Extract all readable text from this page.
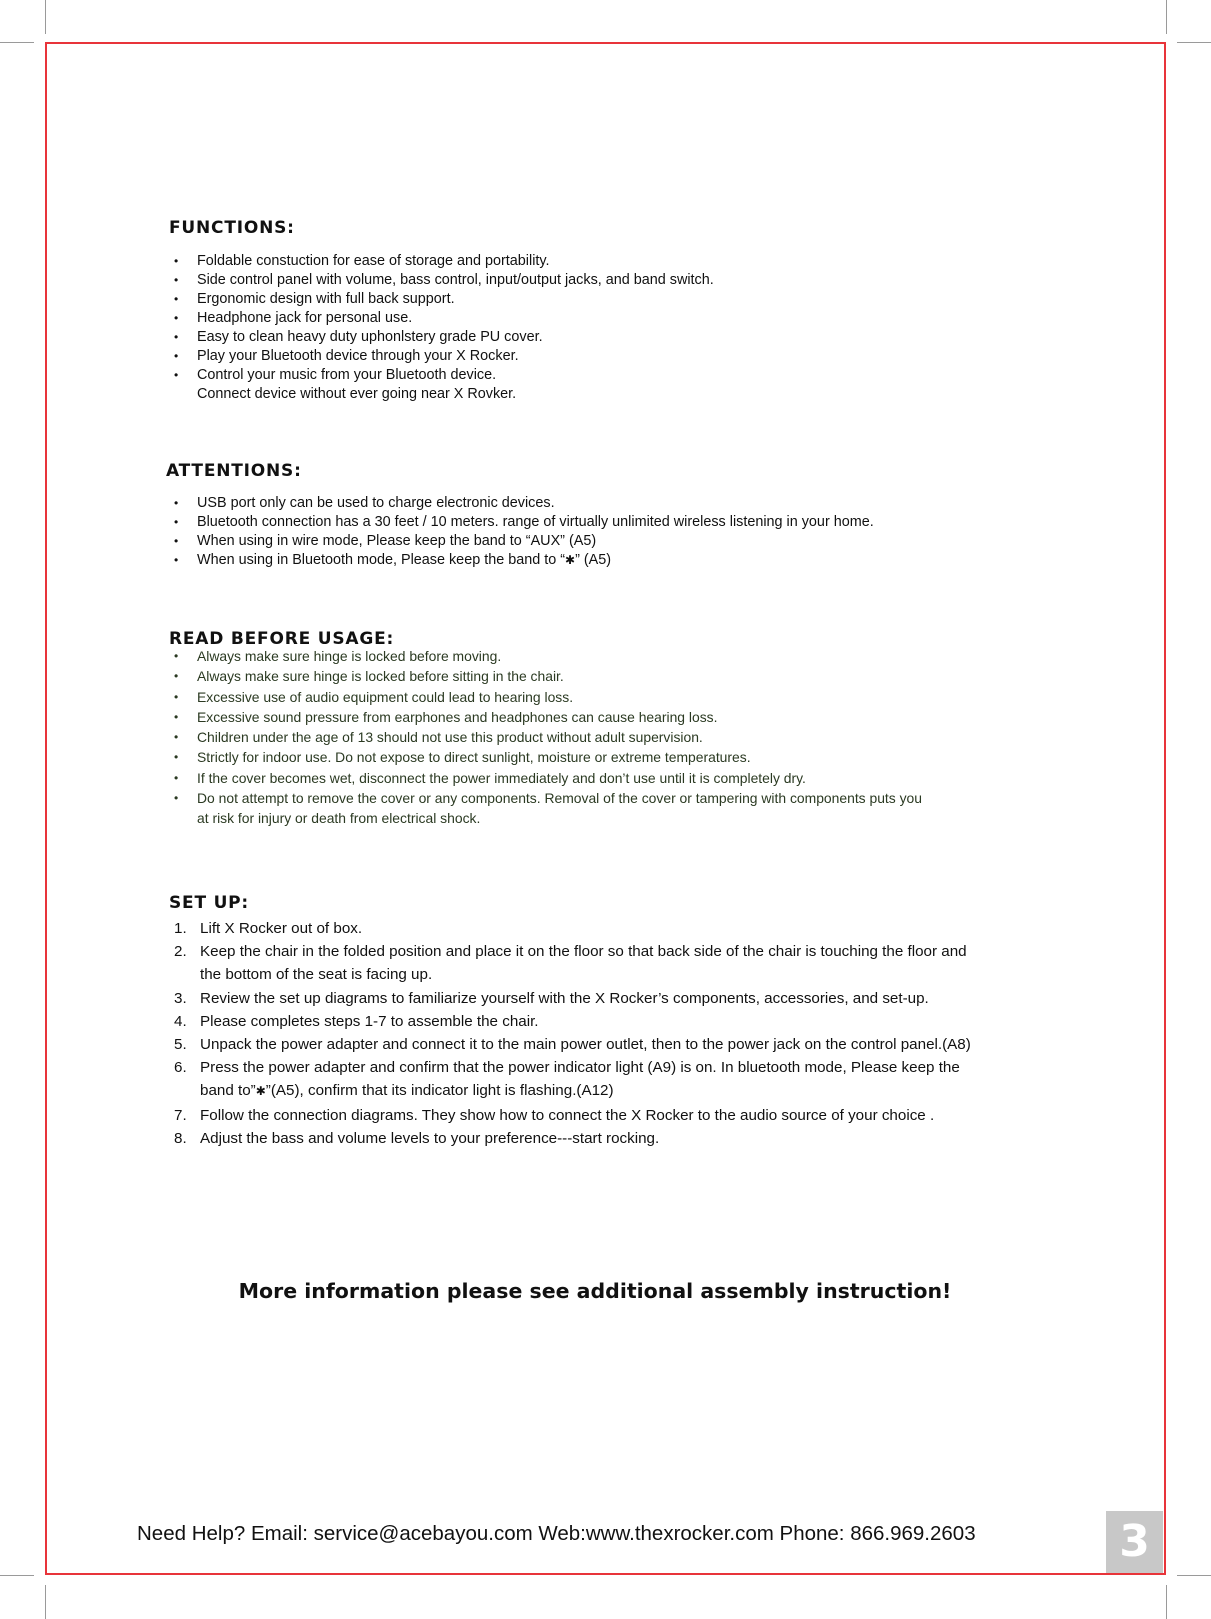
FUNCTIONS:
• Foldable constuction for ease of storage and portability.
• Side control panel with volume, bass control, input/output jacks, and band switch.
• Ergonomic design with full back support.
• Headphone jack for personal use.
• Easy to clean heavy duty uphonlstery grade PU cover.
• Play your Bluetooth device through your X Rocker.
• Control your music from your Bluetooth device.
Connect device without ever going near X Rovker.
ATTENTIONS:
• USB port only can be used to charge electronic devices.
• Bluetooth connection has a 30 feet / 10 meters. range of virtually unlimited wireless listening in your home.
• When using in wire mode, Please keep the band to “AUX” (A5)
• When using in Bluetooth mode, Please keep the band to “✱” (A5)
READ BEFORE USAGE:
• Always make sure hinge is locked before moving.
• Always make sure hinge is locked before sitting in the chair.
• Excessive use of audio equipment could lead to hearing loss.
• Excessive sound pressure from earphones and headphones can cause hearing loss.
• Children under the age of 13 should not use this product without adult supervision.
• Strictly for indoor use. Do not expose to direct sunlight, moisture or extreme temperatures.
• If the cover becomes wet, disconnect the power immediately and don’t use until it is completely dry.
• Do not attempt to remove the cover or any components. Removal of the cover or tampering with components puts you
at risk for injury or death from electrical shock.
SET UP:
1. Lift X Rocker out of box.
2. Keep the chair in the folded position and place it on the floor so that back side of the chair is touching the floor and
the bottom of the seat is facing up.
3. Review the set up diagrams to familiarize yourself with the X Rocker’s components, accessories, and set-up.
4. Please completes steps 1-7 to assemble the chair.
5. Unpack the power adapter and connect it to the main power outlet, then to the power jack on the control panel.(A8)
6. Press the power adapter and confirm that the power indicator light (A9) is on. In bluetooth mode, Please keep the
band to”✱”(A5), confirm that its indicator light is flashing.(A12)
7. Follow the connection diagrams. They show how to connect the X Rocker to the audio source of your choice .
8. Adjust the bass and volume levels to your preference---start rocking.
More information please see additional assembly instruction!
Need Help? Email: service@acebayou.com Web:www.thexrocker.com Phone: 866.969.2603	3
